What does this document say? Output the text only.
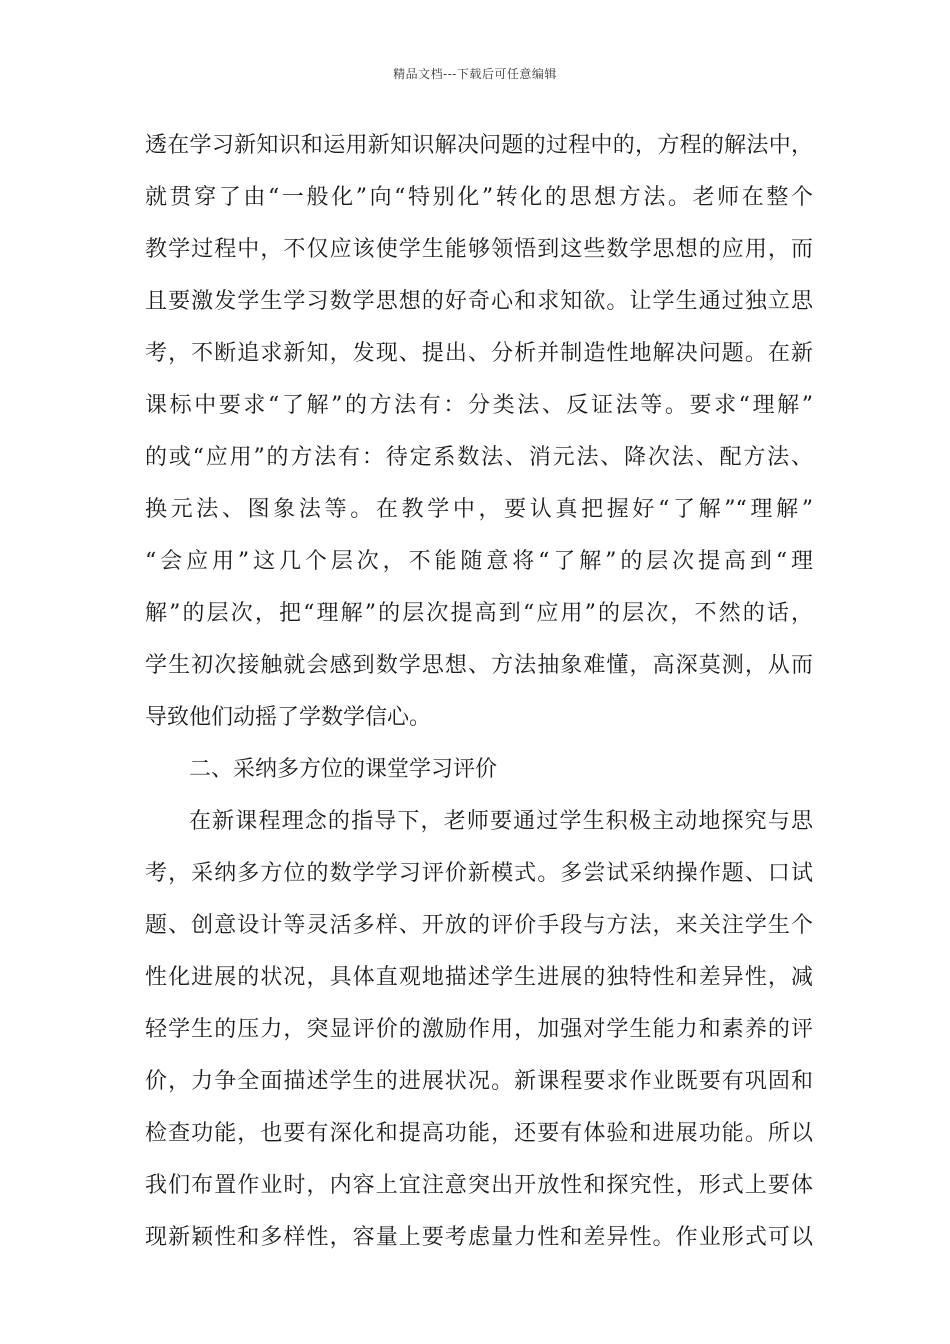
精品文档---下载后可任意编辑
透在学习新知识和运用新知识解决问题的过程中的，方程的解法中，
就贯穿了由“一般化”向“特别化”转化的思想方法。老师在整个
教学过程中，不仅应该使学生能够领悟到这些数学思想的应用，而
且要激发学生学习数学思想的好奇心和求知欲。让学生通过独立思
考，不断追求新知，发现、提出、分析并制造性地解决问题。在新
课标中要求“了解”的方法有：分类法、反证法等。要求“理解”
的或“应用”的方法有：待定系数法、消元法、降次法、配方法、
换元法、图象法等。在教学中，要认真把握好“了解”“理解”
“会应用”这几个层次，不能随意将“了解”的层次提高到“理
解”的层次，把“理解”的层次提高到“应用”的层次，不然的话，
学生初次接触就会感到数学思想、方法抽象难懂，高深莫测，从而
导致他们动摇了学数学信心。
二、采纳多方位的课堂学习评价
在新课程理念的指导下，老师要通过学生积极主动地探究与思
考，采纳多方位的数学学习评价新模式。多尝试采纳操作题、口试
题、创意设计等灵活多样、开放的评价手段与方法，来关注学生个
性化进展的状况，具体直观地描述学生进展的独特性和差异性，减
轻学生的压力，突显评价的激励作用，加强对学生能力和素养的评
价，力争全面描述学生的进展状况。新课程要求作业既要有巩固和
检查功能，也要有深化和提高功能，还要有体验和进展功能。所以
我们布置作业时，内容上宜注意突出开放性和探究性，形式上要体
现新颖性和多样性，容量上要考虑量力性和差异性。作业形式可以
